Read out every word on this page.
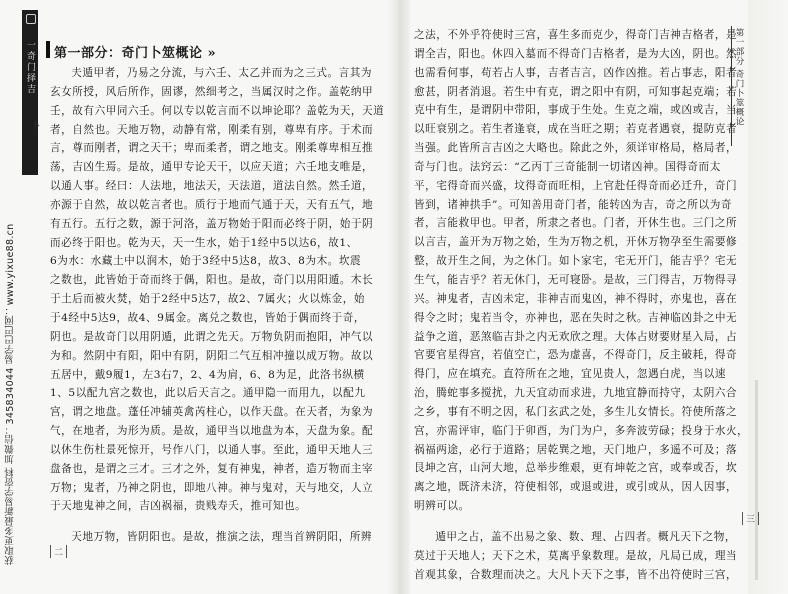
一奇门择吉
卜
获取更多最新易学资料 加微信：345834044 易学巴巴网：www.yixue88.cn
第一部分：奇门卜筮概论 »
夫遁甲者，乃易之分流，与六壬、太乙并而为之三式。言其为
玄女所授，风后所作，固谬，然细考之，当属汉时之作。盖乾纳甲
壬，故有六甲同六壬。何以专以乾言而不以坤论耶？盖乾为天，天道
者，自然也。天地万物，动静有常，刚柔有别，尊卑有序。于术而
言，尊而刚者，谓之天干；卑而柔者，谓之地支。刚柔尊卑相互推
荡，吉凶生焉。是故，通甲专论天干，以应天道；六壬地支唯是，
以通人事。经曰：人法地，地法天，天法道，道法自然。然壬道，
亦源于自然，故以乾言者也。质行于地而气通于天，天有五气，地
有五行。五行之数，源于河洛，盖万物始于阳而必终于阴，始于阴
而必终于阳也。乾为天，天一生水，始于1经中5以达6，故1、
6为水：水藏土中以润木，始于3经中5达8，故3、8为木。坎震
之数也，此皆始于奇而终于偶，阳也。是故，奇门以用阳遁。木长
于土后而被火焚，始于2经中5达7，故2、7属火；火以炼金，始
于4经中5达9，故4、9属金。离兑之数也，皆始于偶而终于奇，
阴也。是故奇门以用阴遁，此谓之先天。万物负阴而抱阳，冲气以
为和。然阴中有阳，阳中有阴，阴阳二气互相冲撞以成万物。故以
五居中，戴9履1，左3右7，2、4为肩，6、8为足，此洛书纵横
1、5以配九宫之数也，此以后天言之。通甲隐一而用九，以配九
宫，谓之地盘。蓬任冲辅英禽芮柱心，以作天盘。在天者，为象为
气，在地者，为形为质。是故，通甲当以地盘为本，天盘为象。配
以休生伤杜景死惊开，号作八门，以通人事。至此，通甲天地人三
盘备也，是谓之三才。三才之外，复有神鬼，神者，造万物而主宰
万物；鬼者，乃神之阴也，即地八神。神与鬼对，天与地交，人立
于天地鬼神之间，吉凶祸福，贵贱寿夭，推可知也。
天地万物，皆阴阳也。是故，推演之法，理当首辨阴阳，所辨
二
之法，不外乎符使时三宫，喜生多而克少，得奇门吉神吉格者，是
谓全吉，阳也。休四入墓而不得奇门吉格者，是为大凶，阴也。然
也需看何事，苟若占人事，吉者吉言，凶作凶推。若占事志，阳者
愈甚，阴者消退。若生中有克，谓之阳中有阴，可知事起克端；若
克中有生，是谓阴中带阳，事成于生处。生克之端，或凶或吉，当
以旺衰别之。若生者逢衰，成在当旺之期；若克者遇衰，提防克者
当强。此皆所言吉凶之大略也。除此之外，须详审格局，格局者，
奇与门也。法窍云：“乙丙丁三奇能制一切诸凶神。国得奇而太
平，宅得奇而兴盛，坟得奇而旺相，上官赴任得奇而必迁升，奇门
皆到，诸神拱手”。可知善用奇门者，能转凶为吉，奇之所以为奇
者，言能救甲也。甲者，所隶之者也。门者，开休生也。三门之所
以言吉，盖开为万物之始，生为万物之机，开休万物孕至生需要修
整，故开生之间，为之休门。如卜家宅，宅无开门，能吉乎？宅无
生气，能吉乎？若无休门，无可寝卧。是故，三门得吉，万物得寻
兴。神鬼者，吉凶未定，非神吉而鬼凶，神不得时，亦鬼也，喜在
得令之时；鬼若当令，亦神也，恶在失时之秋。吉神临凶卦之中无
益争之道，恶煞临吉卦之内无欢欣之理。大体占财要财星入局，占
官要官星得宫，若值空亡，恐为虚喜，不得奇门，反主破耗，得奇
得门，应在填充。直符所在之地，宜见贵人，忽遇白虎，当以速
治，腾蛇事多搅扰，九天宜动而求进，九地宜静而持守，太阴六合
之乡，事有不明之因，私门玄武之处，多生儿女情长。符使所落之
宫，亦需评审，临门于卯酉，为门为户，多奔波劳碌；投身于水火，
祸福两途，必行于道路；居乾巽之地，天门地户，多遥不可及；落
艮坤之宫，山河大地，总举步维艰，更有坤乾之宫，或奉或否，坎
离之地，既济未济，符使相邻，或退或进，或引或从，因人因事，
明辨可以。
遁甲之占，盖不出易之象、数、理、占四者。概凡天下之物，
莫过于天地人；天下之术，莫离乎象数理。是故，凡局已成，理当
首观其象，合数理而决之。大凡卜天下之事，皆不出符使时三宫，
第一部分 奇门卜筮概论
三
